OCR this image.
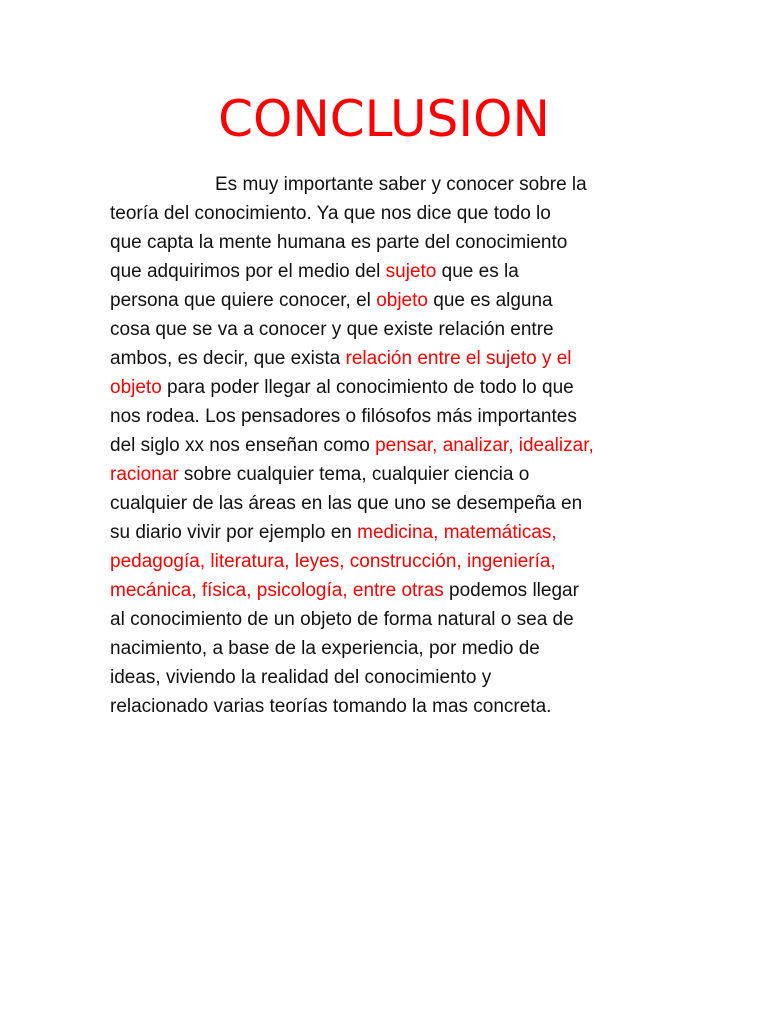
CONCLUSION
Es muy importante saber y conocer sobre la
teoría del conocimiento. Ya que nos dice que todo lo
que capta la mente humana es parte del conocimiento
que adquirimos por el medio del sujeto que es la
persona que quiere conocer, el objeto que es alguna
cosa que se va a conocer y que existe relación entre
ambos, es decir, que exista relación entre el sujeto y el
objeto para poder llegar al conocimiento de todo lo que
nos rodea. Los pensadores o filósofos más importantes
del siglo xx nos enseñan como pensar, analizar, idealizar,
racionar sobre cualquier tema, cualquier ciencia o
cualquier de las áreas en las que uno se desempeña en
su diario vivir por ejemplo en medicina, matemáticas,
pedagogía, literatura, leyes, construcción, ingeniería,
mecánica, física, psicología, entre otras podemos llegar
al conocimiento de un objeto de forma natural o sea de
nacimiento, a base de la experiencia, por medio de
ideas, viviendo la realidad del conocimiento y
relacionado varias teorías tomando la mas concreta.
